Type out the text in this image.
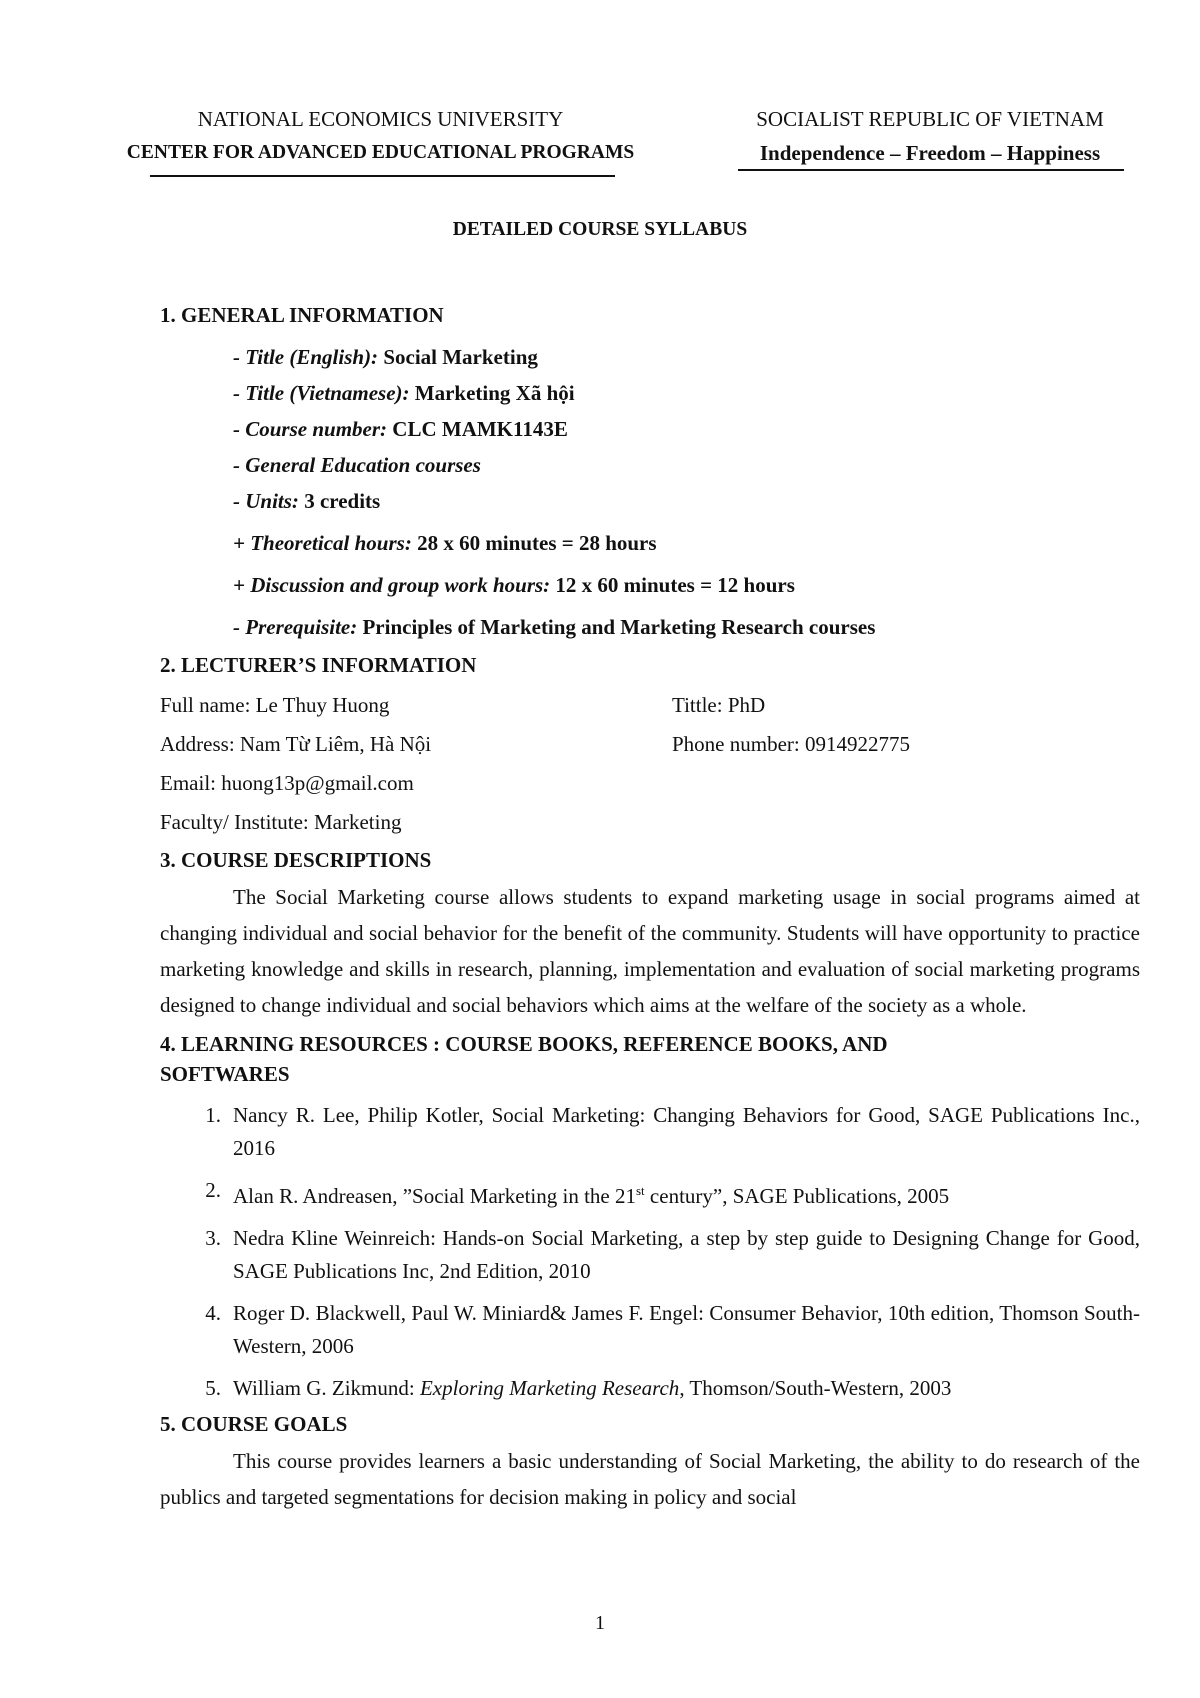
NATIONAL ECONOMICS UNIVERSITY
CENTER FOR ADVANCED EDUCATIONAL PROGRAMS
SOCIALIST REPUBLIC OF VIETNAM
Independence – Freedom – Happiness
DETAILED COURSE SYLLABUS

1. GENERAL INFORMATION

- Title (English): Social Marketing
- Title (Vietnamese): Marketing Xã hội
- Course number: CLC MAMK1143E
- General Education courses
- Units: 3 credits
+ Theoretical hours: 28 x 60 minutes = 28 hours
+ Discussion and group work hours: 12 x 60 minutes = 12 hours
- Prerequisite: Principles of Marketing and Marketing Research courses

2. LECTURER’S INFORMATION

Full name: Le Thuy Huong	Tittle: PhD
Address: Nam Từ Liêm, Hà Nội	Phone number: 0914922775
Email: huong13p@gmail.com
Faculty/ Institute: Marketing

3. COURSE DESCRIPTIONS

The Social Marketing course allows students to expand marketing usage in social programs aimed at changing individual and social behavior for the benefit of the community. Students will have opportunity to practice marketing knowledge and skills in research, planning, implementation and evaluation of social marketing programs designed to change individual and social behaviors which aims at the welfare of the society as a whole.

4. LEARNING RESOURCES : COURSE BOOKS, REFERENCE BOOKS, AND
SOFTWARES

1. Nancy R. Lee, Philip Kotler, Social Marketing: Changing Behaviors for Good, SAGE Publications Inc., 2016
2. Alan R. Andreasen, ”Social Marketing in the 21st century”, SAGE Publications, 2005
3. Nedra Kline Weinreich: Hands-on Social Marketing, a step by step guide to Designing Change for Good, SAGE Publications Inc, 2nd Edition, 2010
4. Roger D. Blackwell, Paul W. Miniard& James F. Engel: Consumer Behavior, 10th edition, Thomson South-Western, 2006
5. William G. Zikmund: Exploring Marketing Research, Thomson/South-Western, 2003

5. COURSE GOALS

This course provides learners a basic understanding of Social Marketing, the ability to do research of the publics and targeted segmentations for decision making in policy and social

1
